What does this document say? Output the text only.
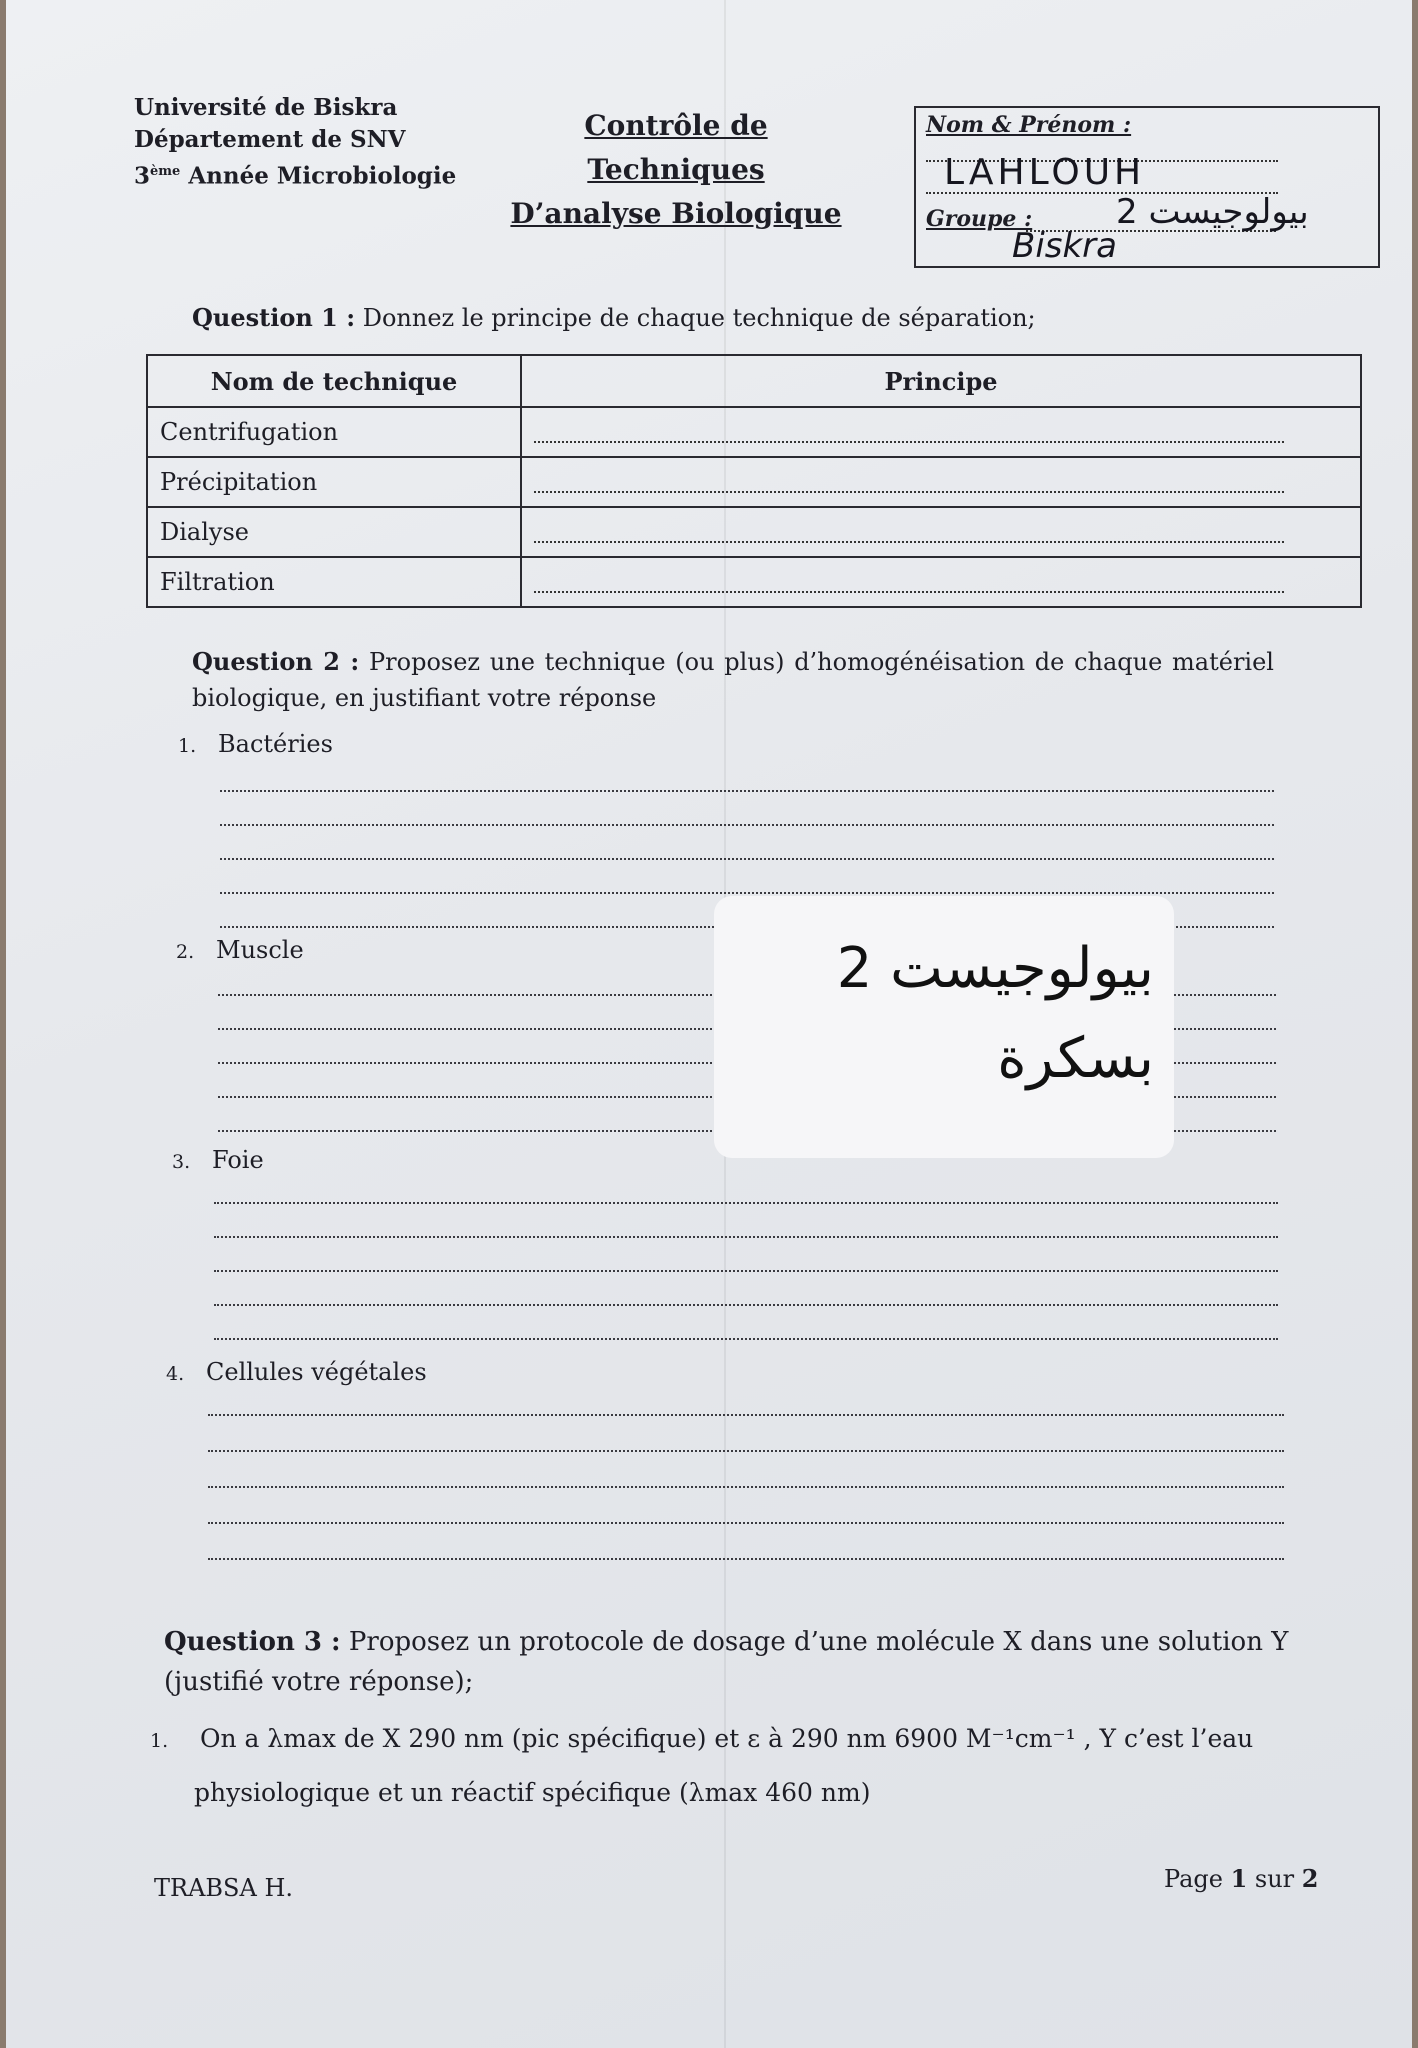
Université de Biskra
Département de SNV
3ème Année Microbiologie
Contrôle de
Techniques
D’analyse Biologique
Nom & Prénom :
LAHLOUH
Groupe : بيولوجيست 2
Biskra
Question 1 : Donnez le principe de chaque technique de séparation;
Nom de technique	Principe
Centrifugation	

Précipitation	

Dialyse	

Filtration	
Question 2 : Proposez une technique (ou plus) d’homogénéisation de chaque matériel biologique, en justifiant votre réponse
1. Bactéries
2. Muscle
3. Foie
4. Cellules végétales
بيولوجيست 2
بسكرة
Question 3 : Proposez un protocole de dosage d’une molécule X dans une solution Y (justifié votre réponse);
1. On a λmax de X 290 nm (pic spécifique) et ε à 290 nm 6900 M⁻¹cm⁻¹ , Y c’est l’eau
physiologique et un réactif spécifique (λmax 460 nm)
TRABSA H.	Page 1 sur 2
